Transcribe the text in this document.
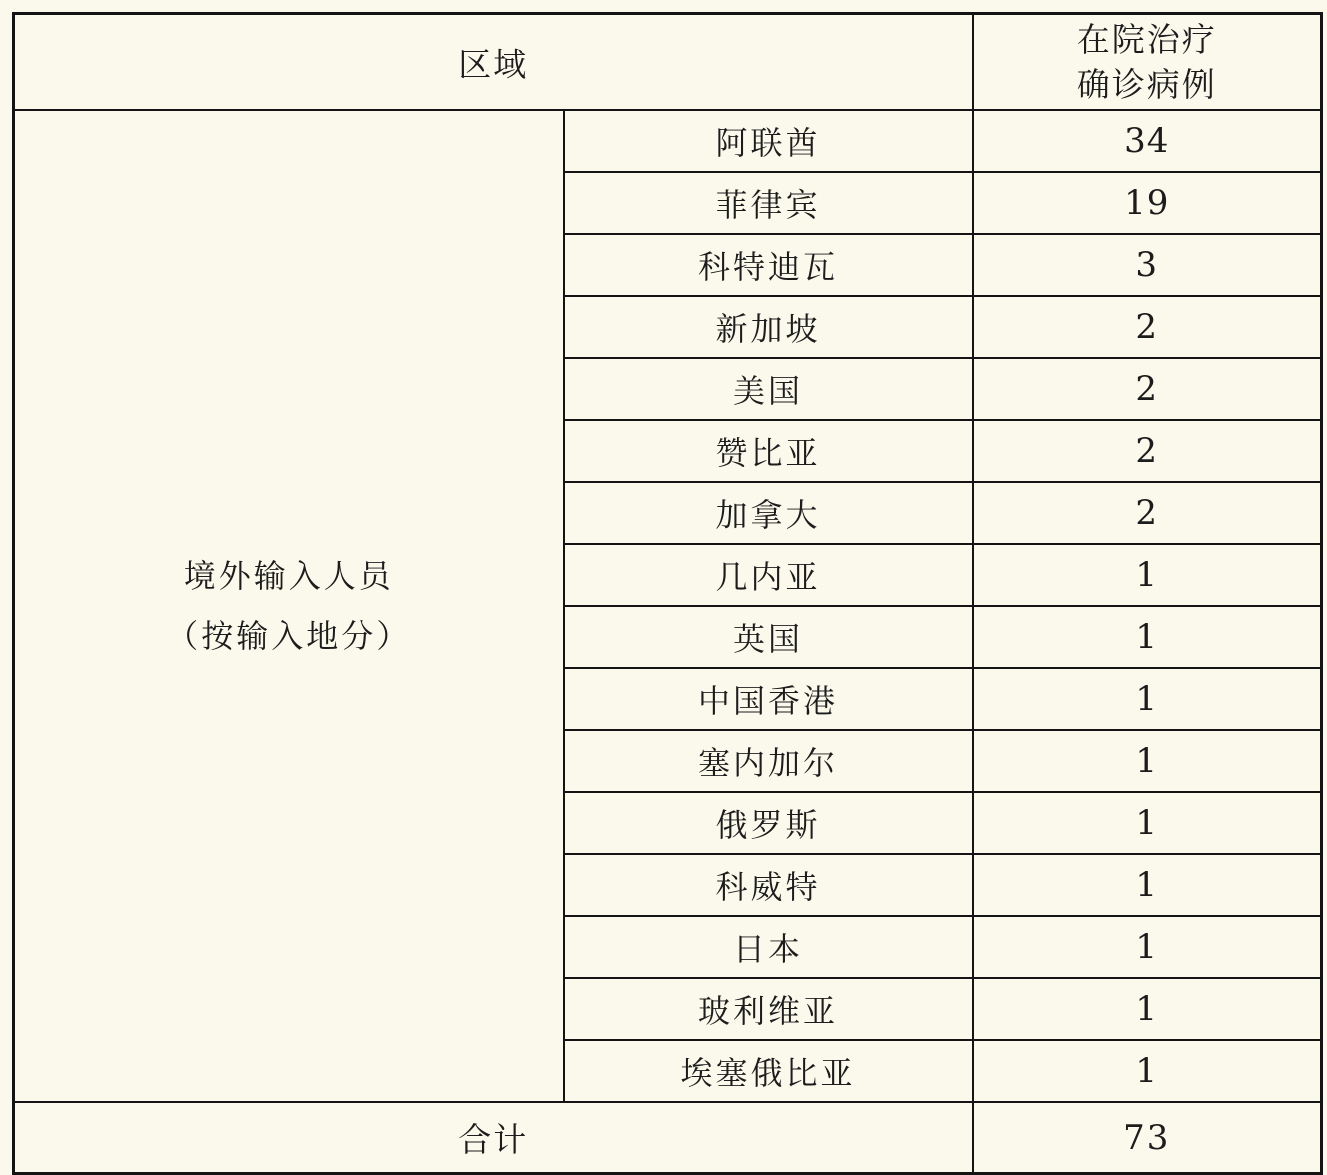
区域		在院治疗
确诊病例

境外输入人员
（按输入地分）	阿联酋	34
	菲律宾	19
	科特迪瓦	3
	新加坡	2
	美国	2
	赞比亚	2
	加拿大	2
	几内亚	1
	英国	1
	中国香港	1
	塞内加尔	1
	俄罗斯	1
	科威特	1
	日本	1
	玻利维亚	1
	埃塞俄比亚	1
合计		73
